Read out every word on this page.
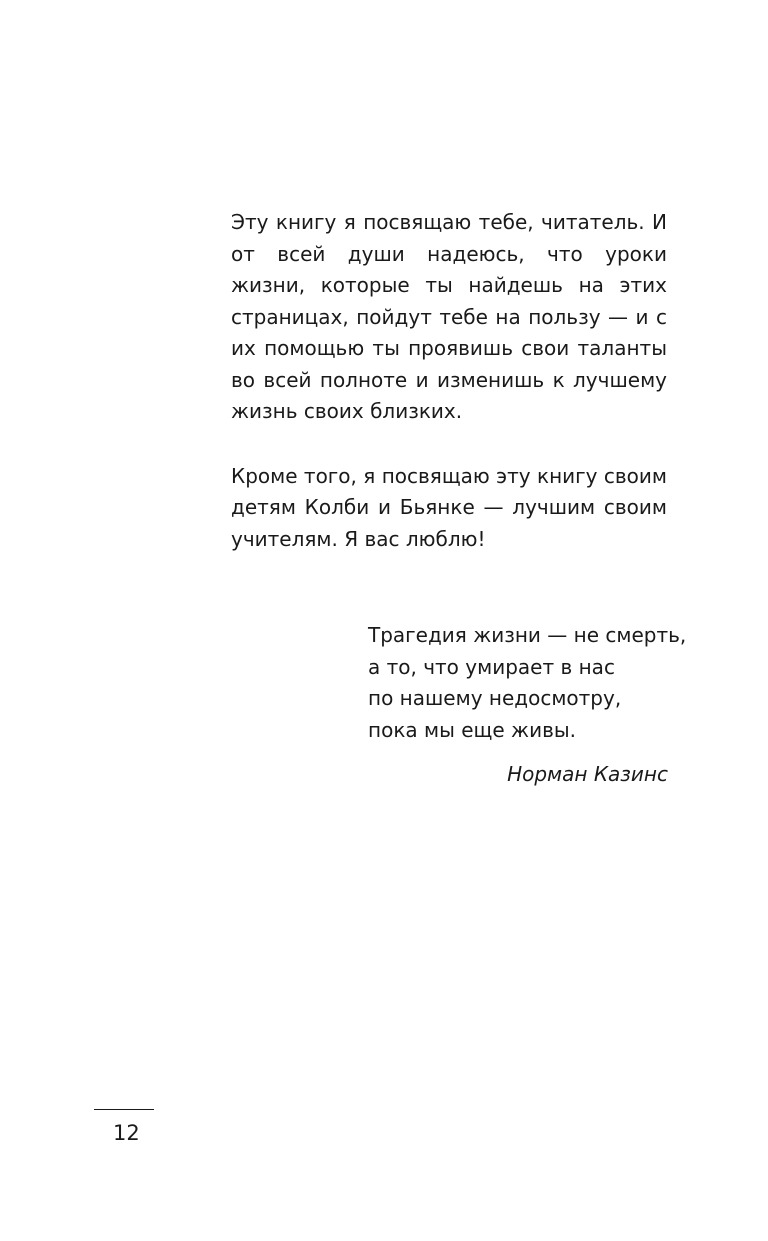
Эту книгу я посвящаю тебе, читатель. И от всей души надеюсь, что уроки жизни, которые ты найдешь на этих страницах, пойдут тебе на пользу — и с их помощью ты проявишь свои таланты во всей полноте и изменишь к лучшему жизнь своих близких.

Кроме того, я посвящаю эту книгу своим детям Колби и Бьянке — лучшим своим учителям. Я вас люблю!

Трагедия жизни — не смерть,
а то, что умирает в нас
по нашему недосмотру,
пока мы еще живы.
Норман Казинс
12
